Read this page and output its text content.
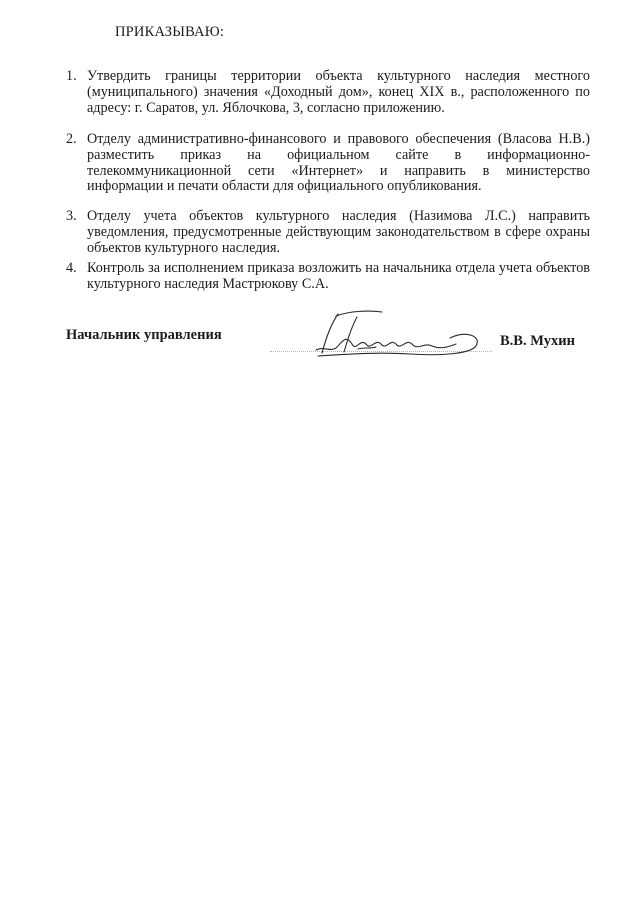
ПРИКАЗЫВАЮ:
1. Утвердить границы территории объекта культурного наследия местного (муниципального) значения «Доходный дом», конец XIX в., расположенного по адресу: г. Саратов, ул. Яблочкова, 3, согласно приложению.
2. Отделу административно-финансового и правового обеспечения (Власова Н.В.) разместить приказ на официальном сайте в информационно-телекоммуникационной сети «Интернет» и направить в министерство информации и печати области для официального опубликования.
3. Отделу учета объектов культурного наследия (Назимова Л.С.) направить уведомления, предусмотренные действующим законодательством в сфере охраны объектов культурного наследия.
4. Контроль за исполнением приказа возложить на начальника отдела учета объектов культурного наследия Мастрюкову С.А.
Начальник управления	В.В. Мухин
